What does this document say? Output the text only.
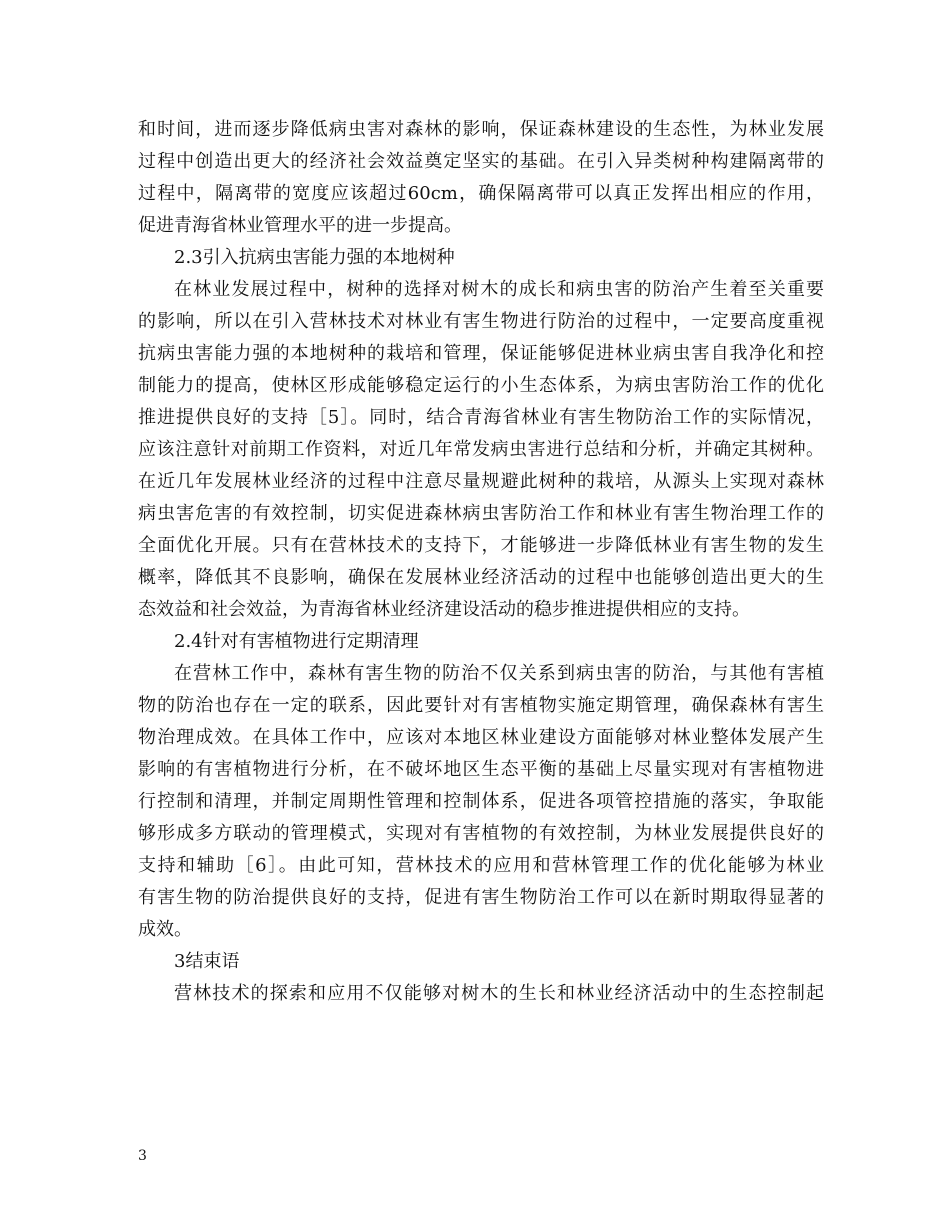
和时间，进而逐步降低病虫害对森林的影响，保证森林建设的生态性，为林业发展
过程中创造出更大的经济社会效益奠定坚实的基础。在引入异类树种构建隔离带的
过程中，隔离带的宽度应该超过60cm，确保隔离带可以真正发挥出相应的作用，
促进青海省林业管理水平的进一步提高。
2.3引入抗病虫害能力强的本地树种
在林业发展过程中，树种的选择对树木的成长和病虫害的防治产生着至关重要
的影响，所以在引入营林技术对林业有害生物进行防治的过程中，一定要高度重视
抗病虫害能力强的本地树种的栽培和管理，保证能够促进林业病虫害自我净化和控
制能力的提高，使林区形成能够稳定运行的小生态体系，为病虫害防治工作的优化
推进提供良好的支持［5］。同时，结合青海省林业有害生物防治工作的实际情况，
应该注意针对前期工作资料，对近几年常发病虫害进行总结和分析，并确定其树种。
在近几年发展林业经济的过程中注意尽量规避此树种的栽培，从源头上实现对森林
病虫害危害的有效控制，切实促进森林病虫害防治工作和林业有害生物治理工作的
全面优化开展。只有在营林技术的支持下，才能够进一步降低林业有害生物的发生
概率，降低其不良影响，确保在发展林业经济活动的过程中也能够创造出更大的生
态效益和社会效益，为青海省林业经济建设活动的稳步推进提供相应的支持。
2.4针对有害植物进行定期清理
在营林工作中，森林有害生物的防治不仅关系到病虫害的防治，与其他有害植
物的防治也存在一定的联系，因此要针对有害植物实施定期管理，确保森林有害生
物治理成效。在具体工作中，应该对本地区林业建设方面能够对林业整体发展产生
影响的有害植物进行分析，在不破坏地区生态平衡的基础上尽量实现对有害植物进
行控制和清理，并制定周期性管理和控制体系，促进各项管控措施的落实，争取能
够形成多方联动的管理模式，实现对有害植物的有效控制，为林业发展提供良好的
支持和辅助［6］。由此可知，营林技术的应用和营林管理工作的优化能够为林业
有害生物的防治提供良好的支持，促进有害生物防治工作可以在新时期取得显著的
成效。
3结束语
营林技术的探索和应用不仅能够对树木的生长和林业经济活动中的生态控制起
3
